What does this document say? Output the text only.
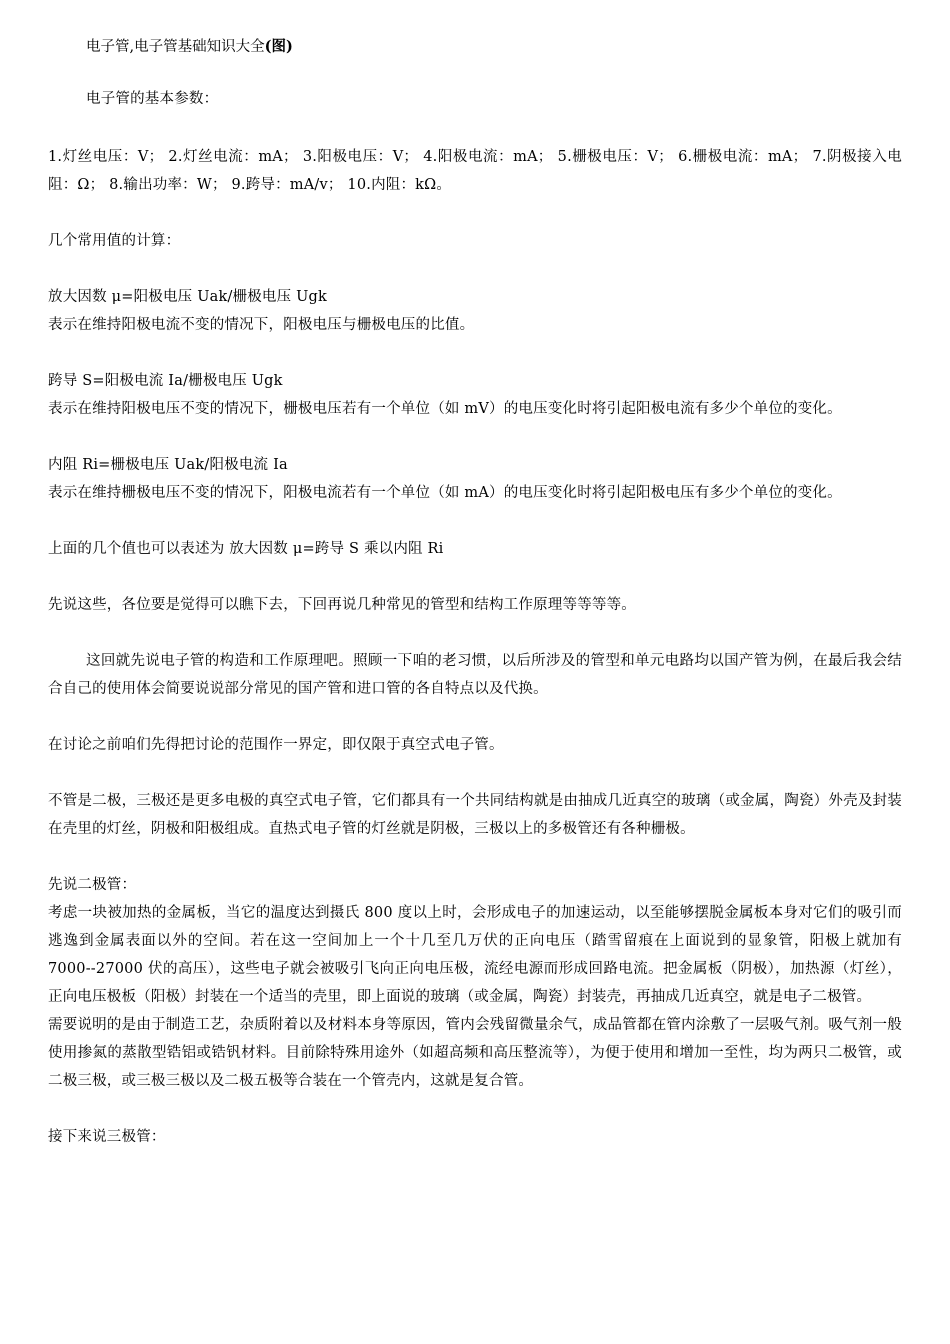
电子管,电子管基础知识大全(图)

电子管的基本参数：

1.灯丝电压：V； 2.灯丝电流：mA； 3.阳极电压：V； 4.阳极电流：mA； 5.栅极电压：V； 6.栅极电流：mA； 7.阴极接入电阻：Ω； 8.输出功率：W； 9.跨导：mA/v； 10.内阻：kΩ。

几个常用值的计算：

放大因数 μ=阳极电压 Uak/栅极电压 Ugk

表示在维持阳极电流不变的情况下，阳极电压与栅极电压的比值。

跨导 S=阳极电流 Ia/栅极电压 Ugk

表示在维持阳极电压不变的情况下，栅极电压若有一个单位（如 mV）的电压变化时将引起阳极电流有多少个单位的变化。

内阻 Ri=栅极电压 Uak/阳极电流 Ia

表示在维持栅极电压不变的情况下，阳极电流若有一个单位（如 mA）的电压变化时将引起阳极电压有多少个单位的变化。

上面的几个值也可以表述为 放大因数 μ=跨导 S 乘以内阻 Ri

先说这些，各位要是觉得可以瞧下去，下回再说几种常见的管型和结构工作原理等等等等。

这回就先说电子管的构造和工作原理吧。照顾一下咱的老习惯，以后所涉及的管型和单元电路均以国产管为例，在最后我会结合自己的使用体会简要说说部分常见的国产管和进口管的各自特点以及代换。

在讨论之前咱们先得把讨论的范围作一界定，即仅限于真空式电子管。

不管是二极，三极还是更多电极的真空式电子管，它们都具有一个共同结构就是由抽成几近真空的玻璃（或金属，陶瓷）外壳及封装在壳里的灯丝，阴极和阳极组成。直热式电子管的灯丝就是阴极，三极以上的多极管还有各种栅极。

先说二极管：

考虑一块被加热的金属板，当它的温度达到摄氏 800 度以上时，会形成电子的加速运动，以至能够摆脱金属板本身对它们的吸引而逃逸到金属表面以外的空间。若在这一空间加上一个十几至几万伏的正向电压（踏雪留痕在上面说到的显象管，阳极上就加有 7000--27000 伏的高压），这些电子就会被吸引飞向正向电压极，流经电源而形成回路电流。把金属板（阴极），加热源（灯丝），正向电压极板（阳极）封装在一个适当的壳里，即上面说的玻璃（或金属，陶瓷）封装壳，再抽成几近真空，就是电子二极管。

需要说明的是由于制造工艺，杂质附着以及材料本身等原因，管内会残留微量余气，成品管都在管内涂敷了一层吸气剂。吸气剂一般使用掺氮的蒸散型锆铝或锆钒材料。目前除特殊用途外（如超高频和高压整流等），为便于使用和增加一至性，均为两只二极管，或二极三极，或三极三极以及二极五极等合装在一个管壳内，这就是复合管。

接下来说三极管：
